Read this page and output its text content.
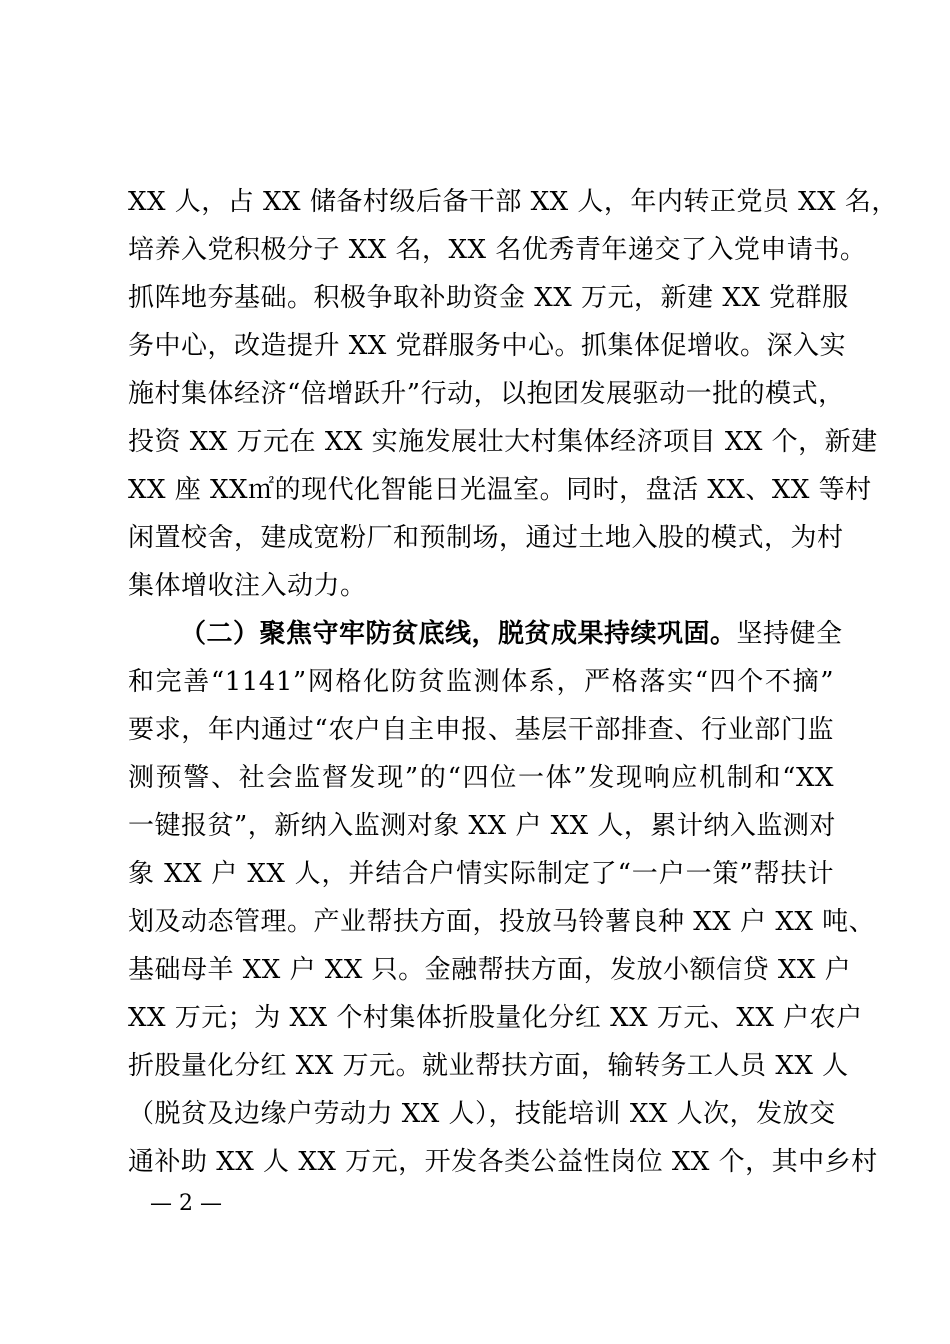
XX 人，占 XX 储备村级后备干部 XX 人，年内转正党员 XX 名，
培养入党积极分子 XX 名，XX 名优秀青年递交了入党申请书。
抓阵地夯基础。积极争取补助资金 XX 万元，新建 XX 党群服
务中心，改造提升 XX 党群服务中心。抓集体促增收。深入实
施村集体经济“倍增跃升”行动，以抱团发展驱动一批的模式，
投资 XX 万元在 XX 实施发展壮大村集体经济项目 XX 个，新建
XX 座 XX㎡的现代化智能日光温室。同时，盘活 XX、XX 等村
闲置校舍，建成宽粉厂和预制场，通过土地入股的模式，为村
集体增收注入动力。
（二）聚焦守牢防贫底线，脱贫成果持续巩固。坚持健全
和完善“1141”网格化防贫监测体系，严格落实“四个不摘”
要求，年内通过“农户自主申报、基层干部排查、行业部门监
测预警、社会监督发现”的“四位一体”发现响应机制和“XX
一键报贫”，新纳入监测对象 XX 户 XX 人，累计纳入监测对
象 XX 户 XX 人，并结合户情实际制定了“一户一策”帮扶计
划及动态管理。产业帮扶方面，投放马铃薯良种 XX 户 XX 吨、
基础母羊 XX 户 XX 只。金融帮扶方面，发放小额信贷 XX 户
XX 万元；为 XX 个村集体折股量化分红 XX 万元、XX 户农户
折股量化分红 XX 万元。就业帮扶方面，输转务工人员 XX 人
（脱贫及边缘户劳动力 XX 人），技能培训 XX 人次，发放交
通补助 XX 人 XX 万元，开发各类公益性岗位 XX 个，其中乡村
— 2 —
